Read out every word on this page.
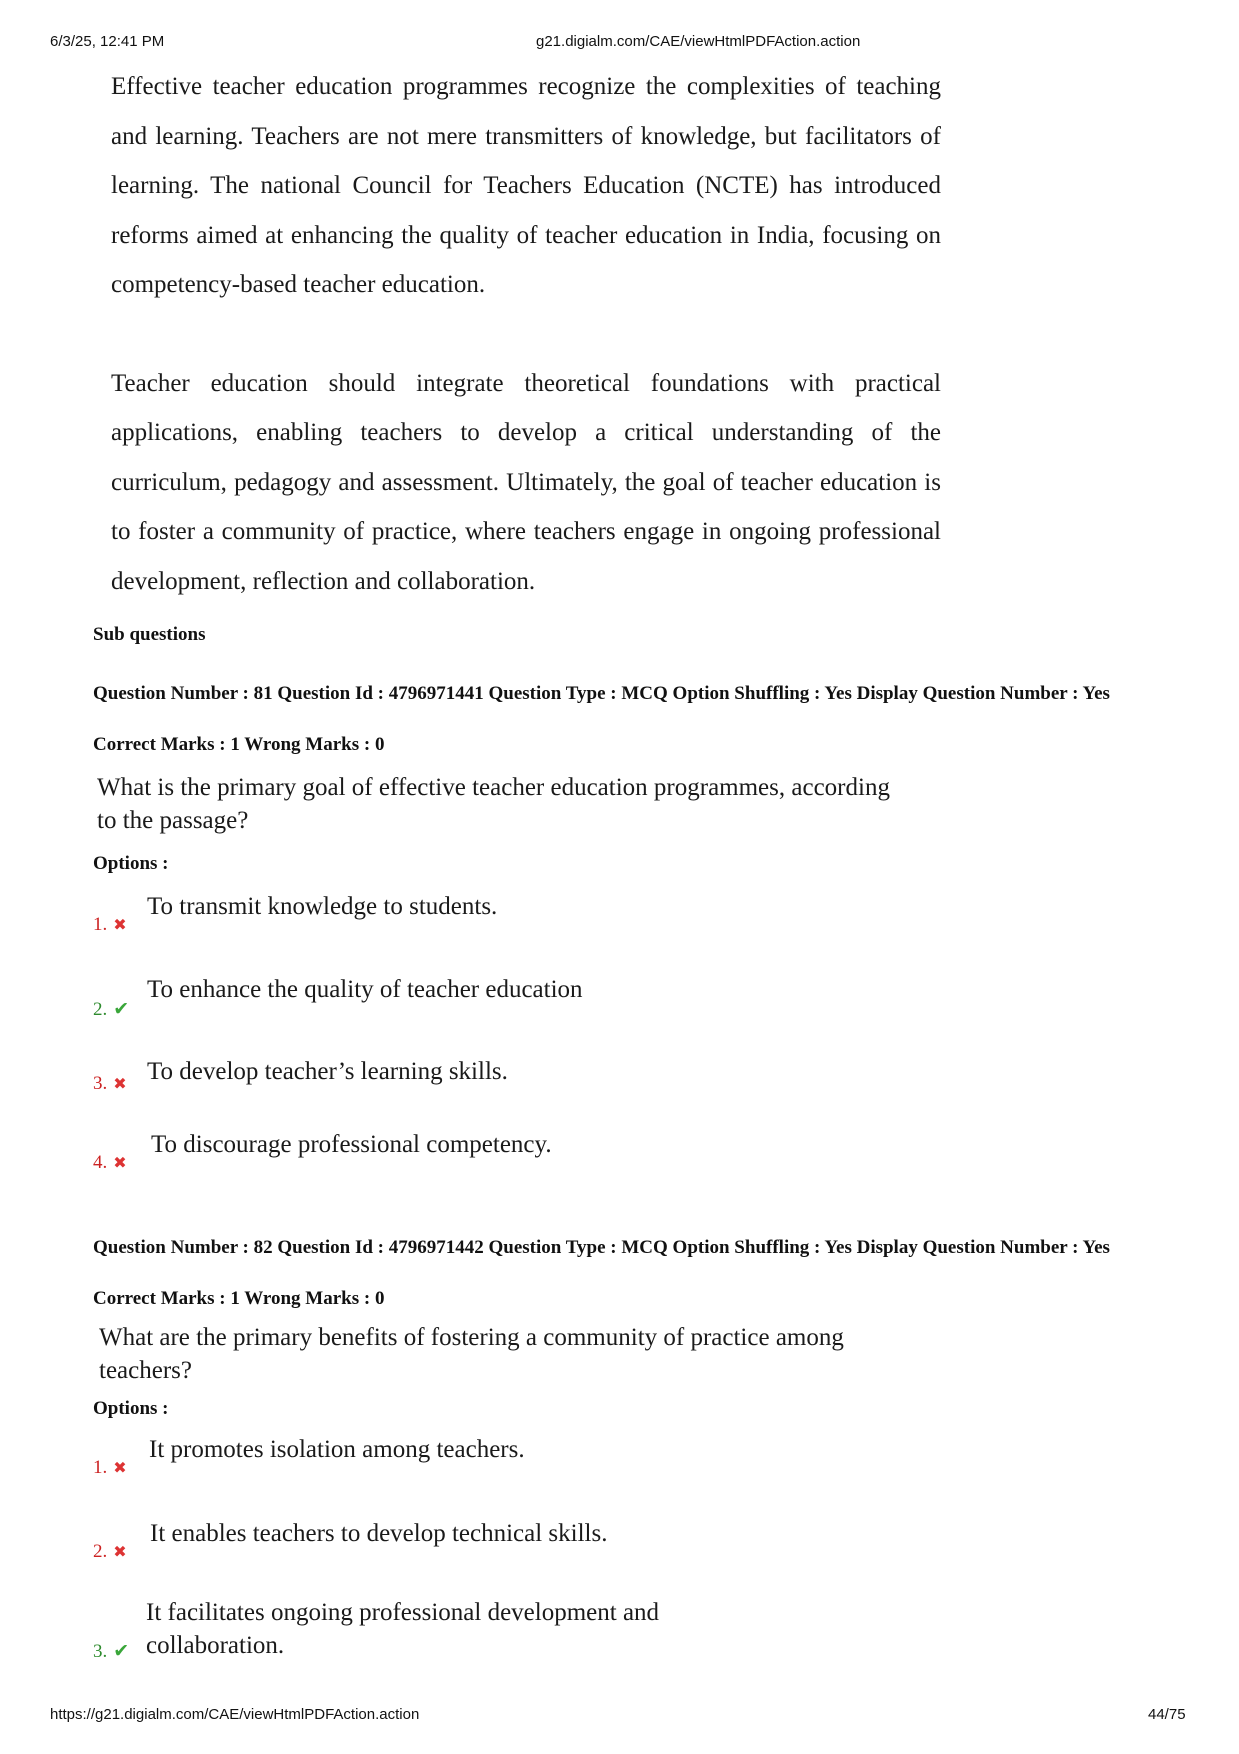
6/3/25, 12:41 PM	g21.digialm.com/CAE/viewHtmlPDFAction.action

Effective teacher education programmes recognize the complexities of teaching and learning. Teachers are not mere transmitters of knowledge, but facilitators of learning. The national Council for Teachers Education (NCTE) has introduced reforms aimed at enhancing the quality of teacher education in India, focusing on competency-based teacher education.

Teacher education should integrate theoretical foundations with practical applications, enabling teachers to develop a critical understanding of the curriculum, pedagogy and assessment. Ultimately, the goal of teacher education is to foster a community of practice, where teachers engage in ongoing professional development, reflection and collaboration.

Sub questions
Question Number : 81 Question Id : 4796971441 Question Type : MCQ Option Shuffling : Yes Display Question Number : Yes
Correct Marks : 1 Wrong Marks : 0
What is the primary goal of effective teacher education programmes, according to the passage?
Options :
1. ✖
To transmit knowledge to students.
2. ✔
To enhance the quality of teacher education
3. ✖ To develop teacher’s learning skills.
4. ✖
To discourage professional competency.
Question Number : 82 Question Id : 4796971442 Question Type : MCQ Option Shuffling : Yes Display Question Number : Yes
Correct Marks : 1 Wrong Marks : 0
What are the primary benefits of fostering a community of practice among teachers?
Options :
1. ✖
It promotes isolation among teachers.
2. ✖
It enables teachers to develop technical skills.
3. ✔
It facilitates ongoing professional development and collaboration.
https://g21.digialm.com/CAE/viewHtmlPDFAction.action	44/75
